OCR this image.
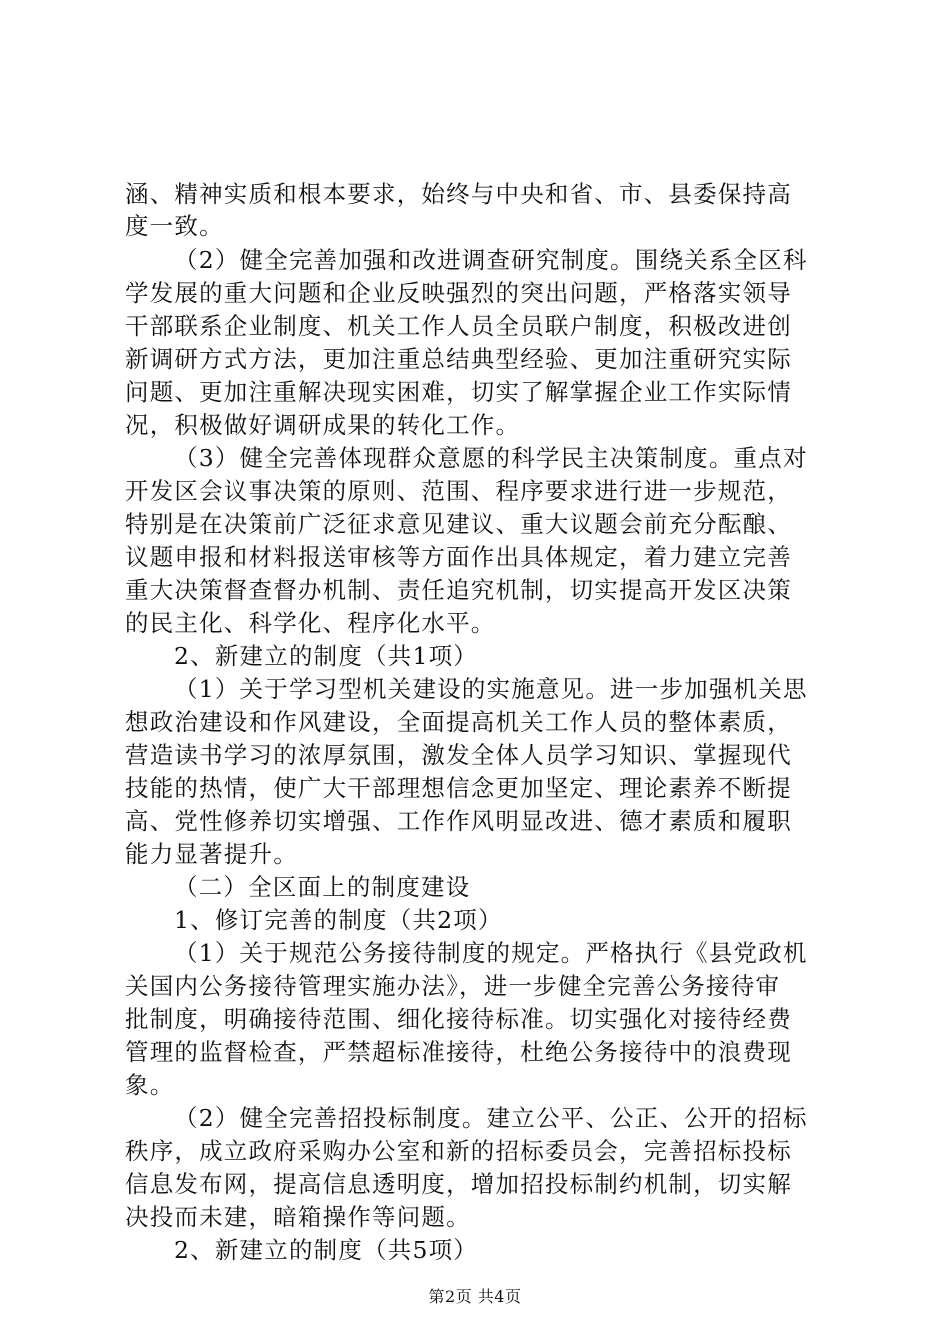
涵、精神实质和根本要求，始终与中央和省、市、县委保持高
度一致。
（2）健全完善加强和改进调查研究制度。围绕关系全区科
学发展的重大问题和企业反映强烈的突出问题，严格落实领导
干部联系企业制度、机关工作人员全员联户制度，积极改进创
新调研方式方法，更加注重总结典型经验、更加注重研究实际
问题、更加注重解决现实困难，切实了解掌握企业工作实际情
况，积极做好调研成果的转化工作。
（3）健全完善体现群众意愿的科学民主决策制度。重点对
开发区会议事决策的原则、范围、程序要求进行进一步规范，
特别是在决策前广泛征求意见建议、重大议题会前充分酝酿、
议题申报和材料报送审核等方面作出具体规定，着力建立完善
重大决策督查督办机制、责任追究机制，切实提高开发区决策
的民主化、科学化、程序化水平。
2、新建立的制度（共1项）
（1）关于学习型机关建设的实施意见。进一步加强机关思
想政治建设和作风建设，全面提高机关工作人员的整体素质，
营造读书学习的浓厚氛围，激发全体人员学习知识、掌握现代
技能的热情，使广大干部理想信念更加坚定、理论素养不断提
高、党性修养切实增强、工作作风明显改进、德才素质和履职
能力显著提升。
（二）全区面上的制度建设
1、修订完善的制度（共2项）
（1）关于规范公务接待制度的规定。严格执行《县党政机
关国内公务接待管理实施办法》，进一步健全完善公务接待审
批制度，明确接待范围、细化接待标准。切实强化对接待经费
管理的监督检查，严禁超标准接待，杜绝公务接待中的浪费现
象。
（2）健全完善招投标制度。建立公平、公正、公开的招标
秩序，成立政府采购办公室和新的招标委员会，完善招标投标
信息发布网，提高信息透明度，增加招投标制约机制，切实解
决投而未建，暗箱操作等问题。
2、新建立的制度（共5项）
第2页 共4页
